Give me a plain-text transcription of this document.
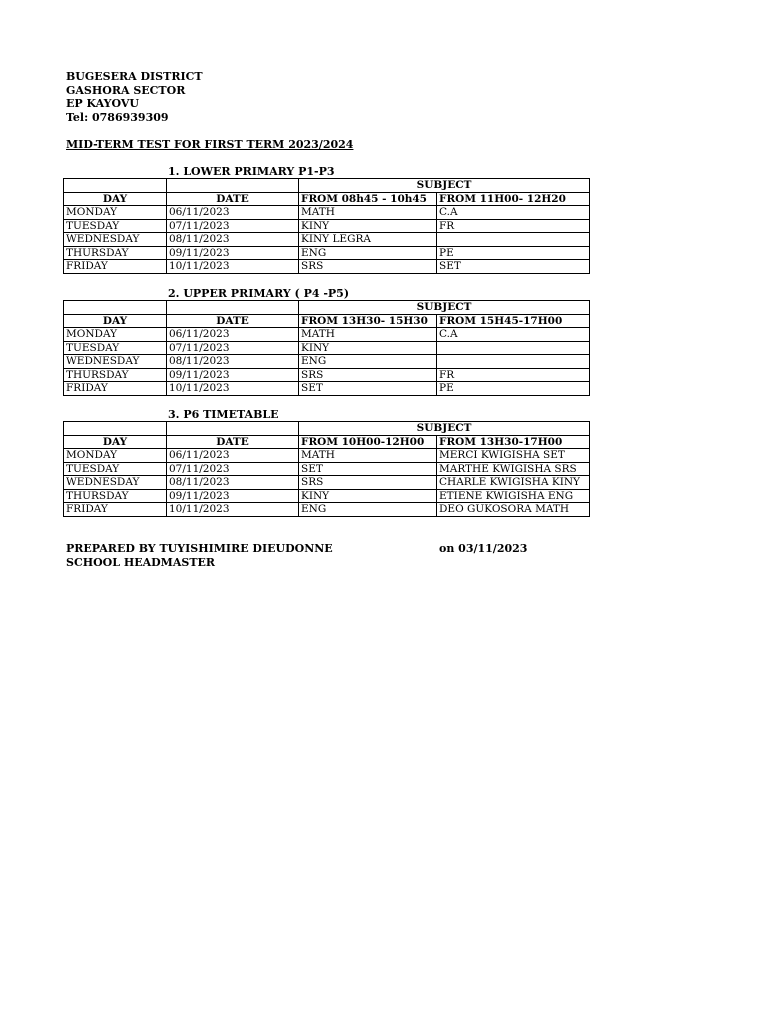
BUGESERA DISTRICT
GASHORA SECTOR
EP KAYOVU
Tel: 0786939309
MID-TERM TEST FOR FIRST TERM 2023/2024
1. LOWER PRIMARY P1-P3
		SUBJECT	
DAY	DATE	FROM 08h45 - 10h45	FROM 11H00- 12H20
MONDAY	06/11/2023	MATH	C.A
TUESDAY	07/11/2023	KINY	FR
WEDNESDAY	08/11/2023	KINY LEGRA	
THURSDAY	09/11/2023	ENG	PE
FRIDAY	10/11/2023	SRS	SET
2. UPPER PRIMARY ( P4 -P5)
		SUBJECT	
DAY	DATE	FROM 13H30- 15H30	FROM 15H45-17H00
MONDAY	06/11/2023	MATH	C.A
TUESDAY	07/11/2023	KINY	
WEDNESDAY	08/11/2023	ENG	
THURSDAY	09/11/2023	SRS	FR
FRIDAY	10/11/2023	SET	PE
3. P6 TIMETABLE
		SUBJECT	
DAY	DATE	FROM 10H00-12H00	FROM 13H30-17H00
MONDAY	06/11/2023	MATH	MERCI KWIGISHA SET
TUESDAY	07/11/2023	SET	MARTHE KWIGISHA SRS
WEDNESDAY	08/11/2023	SRS	CHARLE KWIGISHA KINY
THURSDAY	09/11/2023	KINY	ETIENE KWIGISHA ENG
FRIDAY	10/11/2023	ENG	DEO GUKOSORA MATH
PREPARED BY TUYISHIMIRE DIEUDONNE	on 03/11/2023
SCHOOL HEADMASTER
